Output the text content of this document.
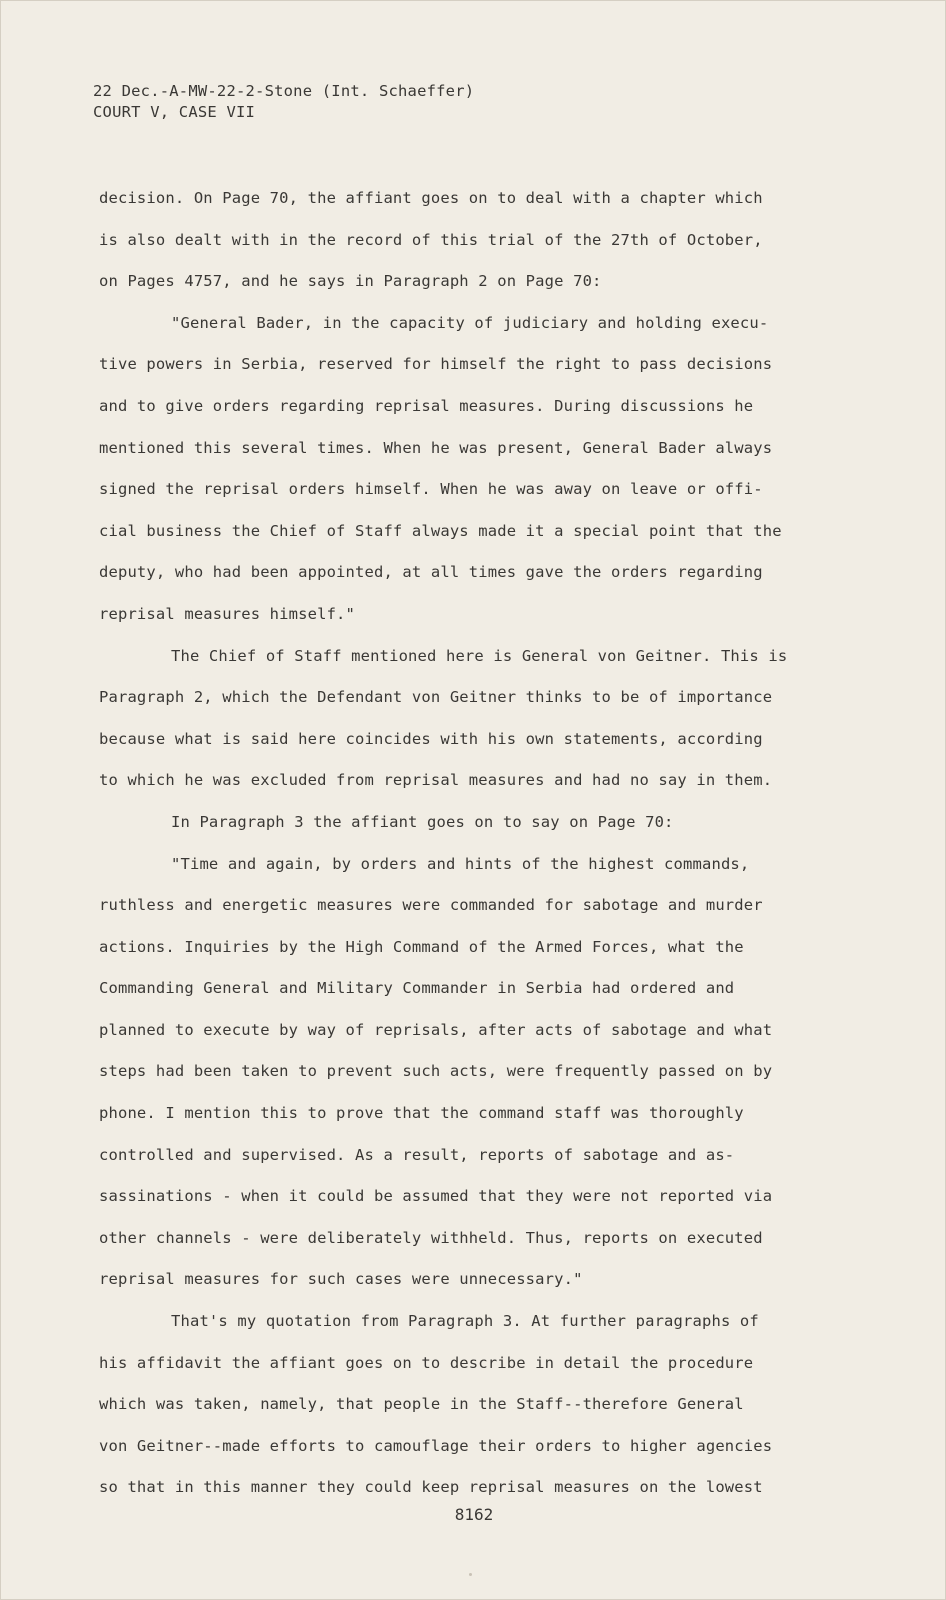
22 Dec.-A-MW-22-2-Stone (Int. Schaeffer)
COURT V, CASE VII
decision. On Page 70, the affiant goes on to deal with a chapter which
is also dealt with in the record of this trial of the 27th of October,
on Pages 4757, and he says in Paragraph 2 on Page 70:
"General Bader, in the capacity of judiciary and holding execu-
tive powers in Serbia, reserved for himself the right to pass decisions
and to give orders regarding reprisal measures. During discussions he
mentioned this several times. When he was present, General Bader always
signed the reprisal orders himself. When he was away on leave or offi-
cial business the Chief of Staff always made it a special point that the
deputy, who had been appointed, at all times gave the orders regarding
reprisal measures himself."
The Chief of Staff mentioned here is General von Geitner. This is
Paragraph 2, which the Defendant von Geitner thinks to be of importance
because what is said here coincides with his own statements, according
to which he was excluded from reprisal measures and had no say in them.
In Paragraph 3 the affiant goes on to say on Page 70:
"Time and again, by orders and hints of the highest commands,
ruthless and energetic measures were commanded for sabotage and murder
actions. Inquiries by the High Command of the Armed Forces, what the
Commanding General and Military Commander in Serbia had ordered and
planned to execute by way of reprisals, after acts of sabotage and what
steps had been taken to prevent such acts, were frequently passed on by
phone. I mention this to prove that the command staff was thoroughly
controlled and supervised. As a result, reports of sabotage and as-
sassinations - when it could be assumed that they were not reported via
other channels - were deliberately withheld. Thus, reports on executed
reprisal measures for such cases were unnecessary."
That's my quotation from Paragraph 3. At further paragraphs of
his affidavit the affiant goes on to describe in detail the procedure
which was taken, namely, that people in the Staff--therefore General
von Geitner--made efforts to camouflage their orders to higher agencies
so that in this manner they could keep reprisal measures on the lowest
8162
